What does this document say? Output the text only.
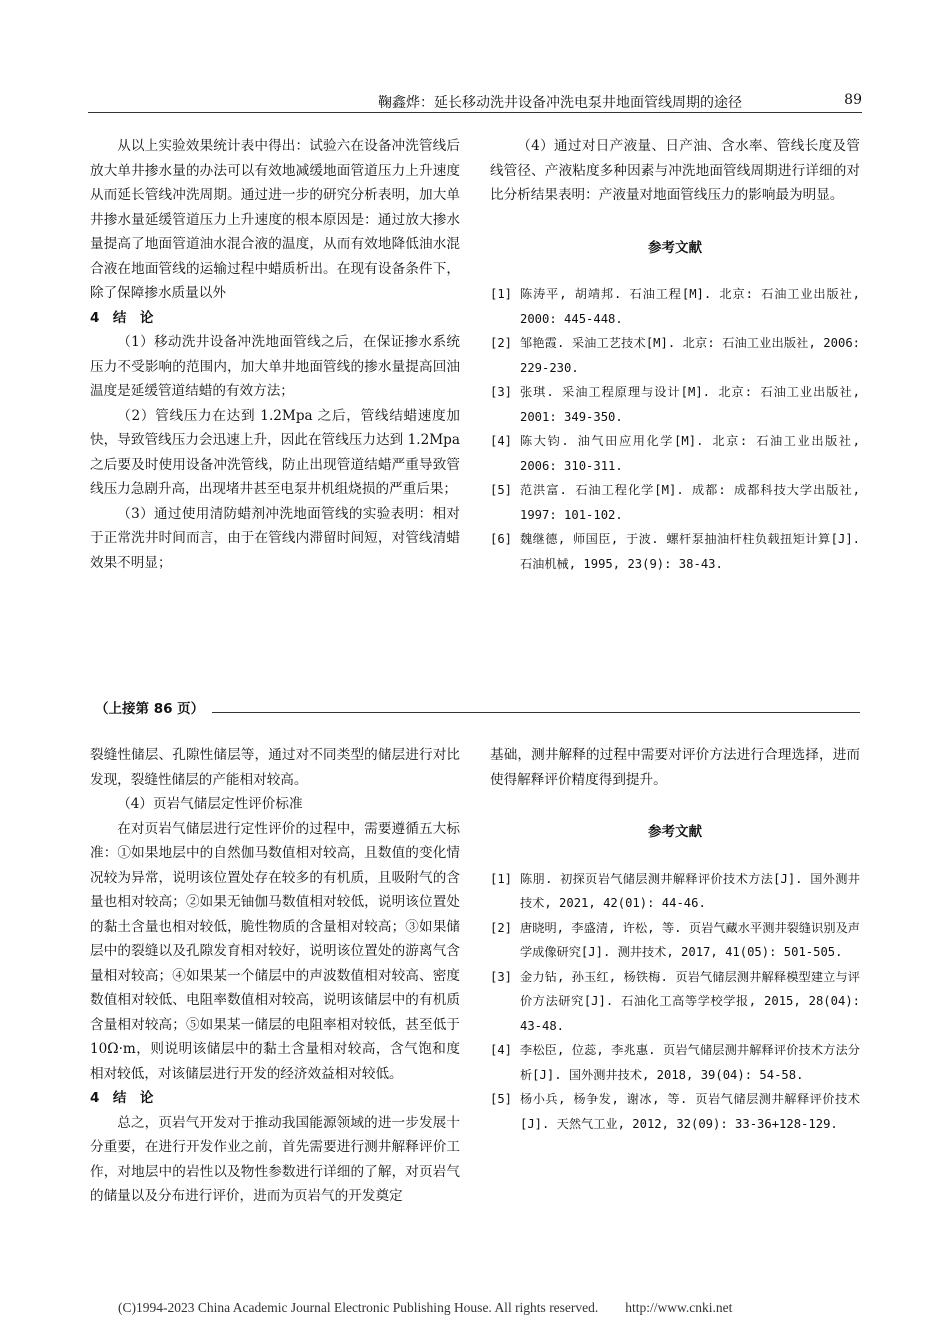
鞠鑫烨：延长移动洗井设备冲洗电泵井地面管线周期的途径	89

从以上实验效果统计表中得出：试验六在设备冲洗管线后放大单井掺水量的办法可以有效地减缓地面管道压力上升速度从而延长管线冲洗周期。通过进一步的研究分析表明，加大单井掺水量延缓管道压力上升速度的根本原因是：通过放大掺水量提高了地面管道油水混合液的温度，从而有效地降低油水混合液在地面管线的运输过程中蜡质析出。在现有设备条件下，除了保障掺水质量以外

4　结　论

（1）移动洗井设备冲洗地面管线之后，在保证掺水系统压力不受影响的范围内，加大单井地面管线的掺水量提高回油温度是延缓管道结蜡的有效方法；

（2）管线压力在达到 1.2Mpa 之后，管线结蜡速度加快，导致管线压力会迅速上升，因此在管线压力达到 1.2Mpa 之后要及时使用设备冲洗管线，防止出现管道结蜡严重导致管线压力急剧升高，出现堵井甚至电泵井机组烧损的严重后果；

（3）通过使用清防蜡剂冲洗地面管线的实验表明：相对于正常洗井时间而言，由于在管线内滞留时间短，对管线清蜡效果不明显；

（4）通过对日产液量、日产油、含水率、管线长度及管线管径、产液粘度多种因素与冲洗地面管线周期进行详细的对比分析结果表明：产液量对地面管线压力的影响最为明显。

参考文献

[1] 陈涛平, 胡靖邦. 石油工程[M]. 北京: 石油工业出版社, 2000: 445-448.
[2] 邹艳霞. 采油工艺技术[M]. 北京: 石油工业出版社, 2006: 229-230.
[3] 张琪. 采油工程原理与设计[M]. 北京: 石油工业出版社, 2001: 349-350.
[4] 陈大钧. 油气田应用化学[M]. 北京: 石油工业出版社, 2006: 310-311.
[5] 范洪富. 石油工程化学[M]. 成都: 成都科技大学出版社, 1997: 101-102.
[6] 魏继德, 师国臣, 于波. 螺杆泵抽油杆柱负载扭矩计算[J]. 石油机械, 1995, 23(9): 38-43.
（上接第 86 页）

裂缝性储层、孔隙性储层等，通过对不同类型的储层进行对比发现，裂缝性储层的产能相对较高。

（4）页岩气储层定性评价标准

在对页岩气储层进行定性评价的过程中，需要遵循五大标准：①如果地层中的自然伽马数值相对较高，且数值的变化情况较为异常，说明该位置处存在较多的有机质，且吸附气的含量也相对较高；②如果无铀伽马数值相对较低，说明该位置处的黏土含量也相对较低，脆性物质的含量相对较高；③如果储层中的裂缝以及孔隙发育相对较好，说明该位置处的游离气含量相对较高；④如果某一个储层中的声波数值相对较高、密度数值相对较低、电阻率数值相对较高，说明该储层中的有机质含量相对较高；⑤如果某一储层的电阻率相对较低，甚至低于 10Ω·m，则说明该储层中的黏土含量相对较高，含气饱和度相对较低，对该储层进行开发的经济效益相对较低。

4　结　论

总之，页岩气开发对于推动我国能源领域的进一步发展十分重要，在进行开发作业之前，首先需要进行测井解释评价工作，对地层中的岩性以及物性参数进行详细的了解，对页岩气的储量以及分布进行评价，进而为页岩气的开发奠定

基础，测井解释的过程中需要对评价方法进行合理选择，进而使得解释评价精度得到提升。

参考文献

[1] 陈朋. 初探页岩气储层测井解释评价技术方法[J]. 国外测井技术, 2021, 42(01): 44-46.
[2] 唐晓明, 李盛清, 许松, 等. 页岩气藏水平测井裂缝识别及声学成像研究[J]. 测井技术, 2017, 41(05): 501-505.
[3] 金力钻, 孙玉红, 杨铁梅. 页岩气储层测井解释模型建立与评价方法研究[J]. 石油化工高等学校学报, 2015, 28(04): 43-48.
[4] 李松臣, 位蕊, 李兆惠. 页岩气储层测井解释评价技术方法分析[J]. 国外测井技术, 2018, 39(04): 54-58.
[5] 杨小兵, 杨争发, 谢冰, 等. 页岩气储层测井解释评价技术[J]. 天然气工业, 2012, 32(09): 33-36+128-129.
(C)1994-2023 China Academic Journal Electronic Publishing House. All rights reserved.　　http://www.cnki.net
